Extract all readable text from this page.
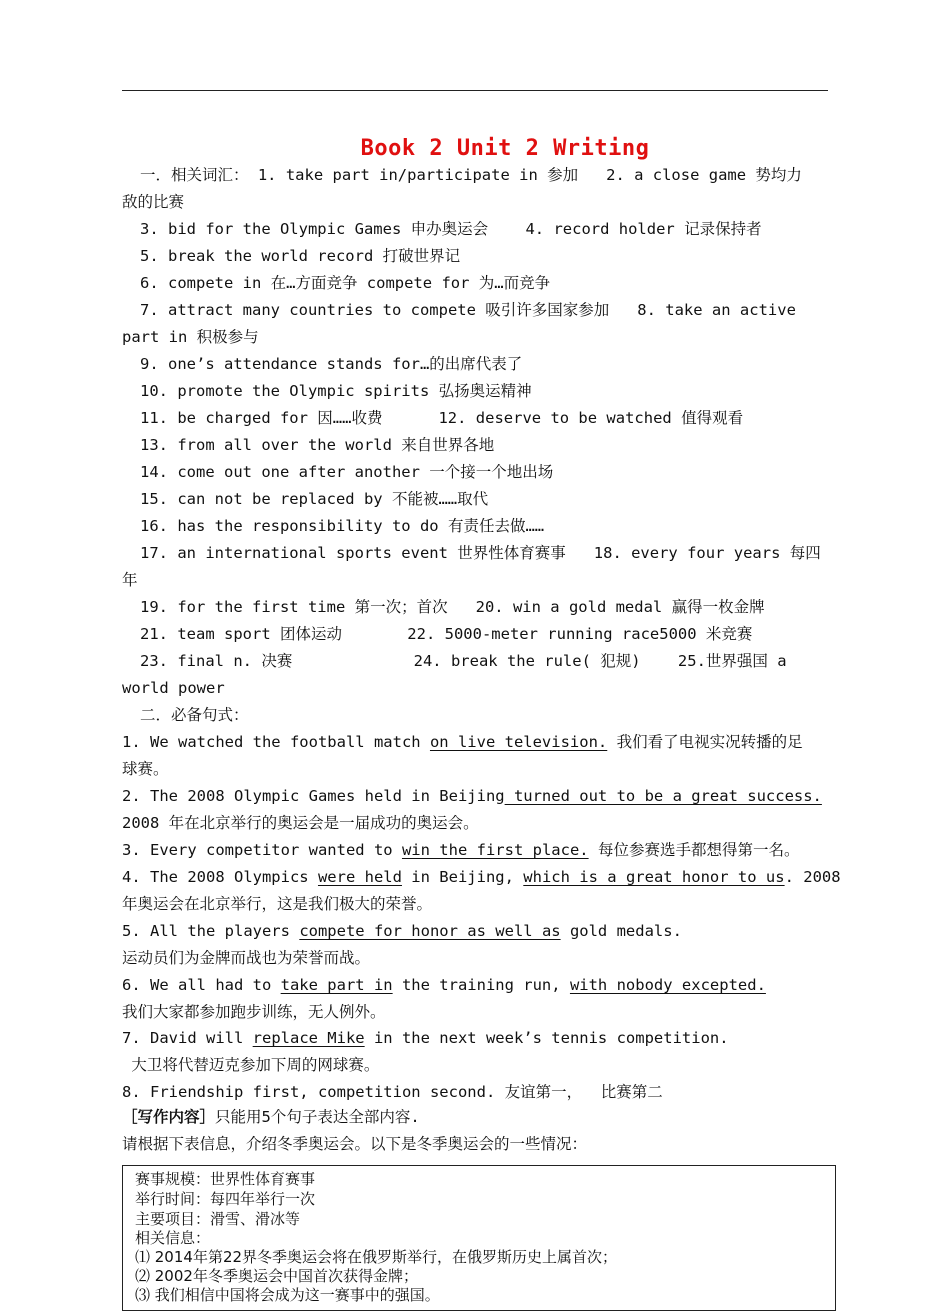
Book 2 Unit 2 Writing
一．相关词汇： 1. take part in/participate in 参加   2. a close game 势均力
敌的比赛
3. bid for the Olympic Games 申办奥运会    4. record holder 记录保持者
5. break the world record 打破世界记
6. compete in 在…方面竞争 compete for 为…而竞争
7. attract many countries to compete 吸引许多国家参加   8. take an active
part in 积极参与
9. one’s attendance stands for…的出席代表了
10. promote the Olympic spirits 弘扬奥运精神
11. be charged for 因……收费      12. deserve to be watched 值得观看
13. from all over the world 来自世界各地
14. come out one after another 一个接一个地出场
15. can not be replaced by 不能被……取代
16. has the responsibility to do 有责任去做……
17. an international sports event 世界性体育赛事   18. every four years 每四
年
19. for the first time 第一次；首次   20. win a gold medal 赢得一枚金牌
21. team sport 团体运动       22. 5000-meter running race5000 米竞赛
23. final n. 决赛             24. break the rule( 犯规)    25.世界强国 a
world power
二．必备句式：
1. We watched the football match on live television. 我们看了电视实况转播的足
球赛。
2. The 2008 Olympic Games held in Beijing turned out to be a great success.
2008 年在北京举行的奥运会是一届成功的奥运会。
3. Every competitor wanted to win the first place. 每位参赛选手都想得第一名。
4. The 2008 Olympics were held in Beijing, which is a great honor to us. 2008
年奥运会在北京举行，这是我们极大的荣誉。
5. All the players compete for honor as well as gold medals.
运动员们为金牌而战也为荣誉而战。
6. We all had to take part in the training run, with nobody excepted.
我们大家都参加跑步训练，无人例外。
7. David will replace Mike in the next week’s tennis competition.
大卫将代替迈克参加下周的网球赛。
8. Friendship first, competition second. 友谊第一，  比赛第二
［写作内容］只能用5个句子表达全部内容.
请根据下表信息，介绍冬季奥运会。以下是冬季奥运会的一些情况：
赛事规模：世界性体育赛事
举行时间：每四年举行一次
主要项目：滑雪、滑冰等
相关信息：
⑴ 2014年第22界冬季奥运会将在俄罗斯举行，在俄罗斯历史上属首次；
⑵ 2002年冬季奥运会中国首次获得金牌；
⑶ 我们相信中国将会成为这一赛事中的强国。
